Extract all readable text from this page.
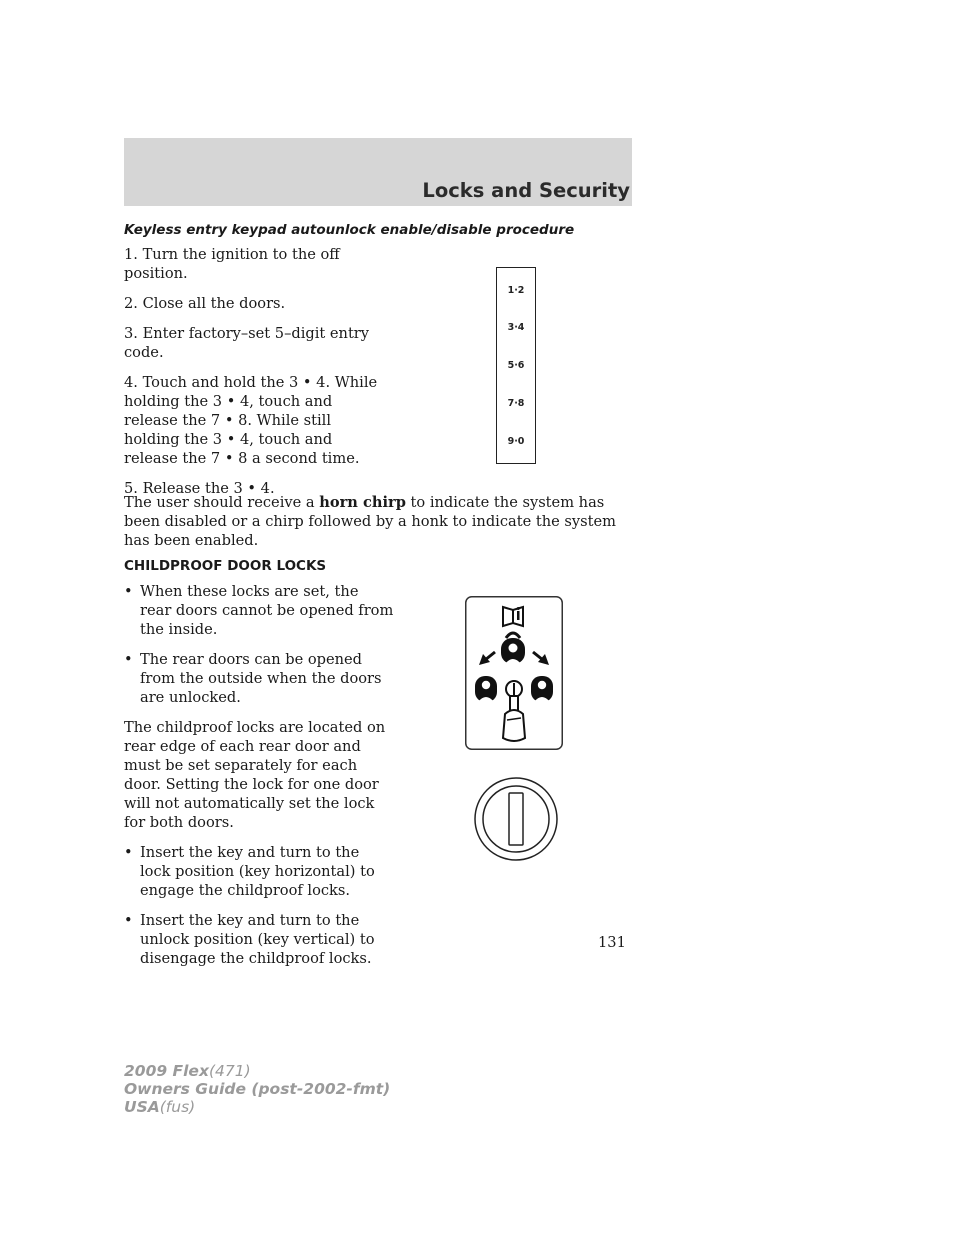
Locks and Security
Keyless entry keypad autounlock enable/disable procedure

1. Turn the ignition to the off position.

2. Close all the doors.

3. Enter factory–set 5–digit entry code.

4. Touch and hold the 3 • 4. While holding the 3 • 4, touch and release the 7 • 8. While still holding the 3 • 4, touch and release the 7 • 8 a second time.

5. Release the 3 • 4.

1·2
3·4
5·6
7·8
9·0

The user should receive a horn chirp to indicate the system has been disabled or a chirp followed by a honk to indicate the system has been enabled.

CHILDPROOF DOOR LOCKS

• When these locks are set, the rear doors cannot be opened from the inside.

• The rear doors can be opened from the outside when the doors are unlocked.

The childproof locks are located on rear edge of each rear door and must be set separately for each door. Setting the lock for one door will not automatically set the lock for both doors.

• Insert the key and turn to the lock position (key horizontal) to engage the childproof locks.

• Insert the key and turn to the unlock position (key vertical) to disengage the childproof locks.

131

2009 Flex(471)
Owners Guide (post-2002-fmt)
USA(fus)
